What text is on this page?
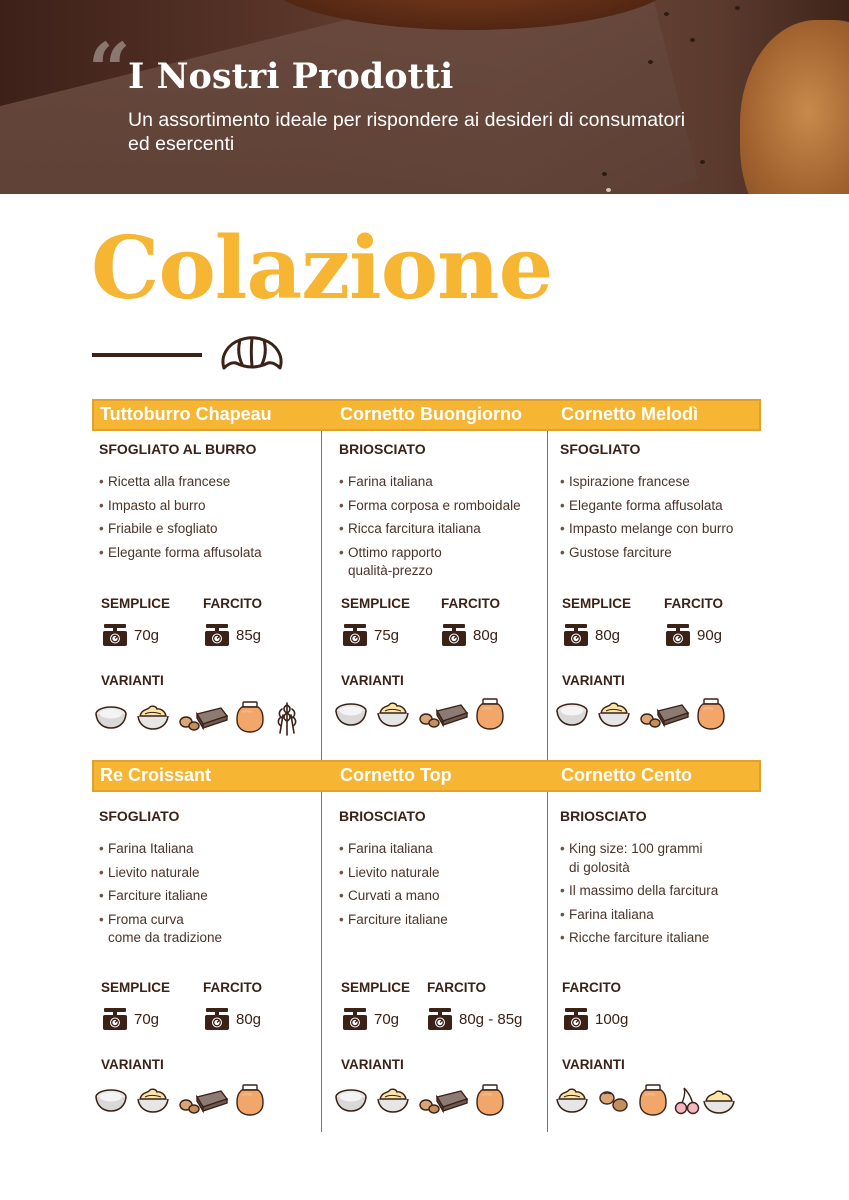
“
I Nostri Prodotti
Un assortimento ideale per rispondere ai desideri di consumatori ed esercenti
Colazione
Tuttoburro Chapeau	Cornetto Buongiorno Cornetto Melodì
Re Croissant	Cornetto Top	Cornetto Cento
SFOGLIATO AL BURRO
• Ricetta alla francese
• Impasto al burro
• Friabile e sfogliato
• Elegante forma affusolata
SEMPLICE
70g
FARCITO
85g
VARIANTI
BRIOSCIATO
• Farina italiana
• Forma corposa e romboidale
• Ricca farcitura italiana
• Ottimo rapporto
qualità-prezzo
SEMPLICE
75g
FARCITO
80g
VARIANTI
SFOGLIATO
• Ispirazione francese
• Elegante forma affusolata
• Impasto melange con burro
• Gustose farciture
SEMPLICE
80g
FARCITO
90g
VARIANTI
SFOGLIATO
• Farina Italiana
• Lievito naturale
• Farciture italiane
• Froma curva
come da tradizione
SEMPLICE
70g
FARCITO
80g
VARIANTI
BRIOSCIATO
• Farina italiana
• Lievito naturale
• Curvati a mano
• Farciture italiane
SEMPLICE
70g
FARCITO
80g - 85g
VARIANTI
BRIOSCIATO
• King size: 100 grammi
di golosità
• Il massimo della farcitura
• Farina italiana
• Ricche farciture italiane
FARCITO
100g
VARIANTI
